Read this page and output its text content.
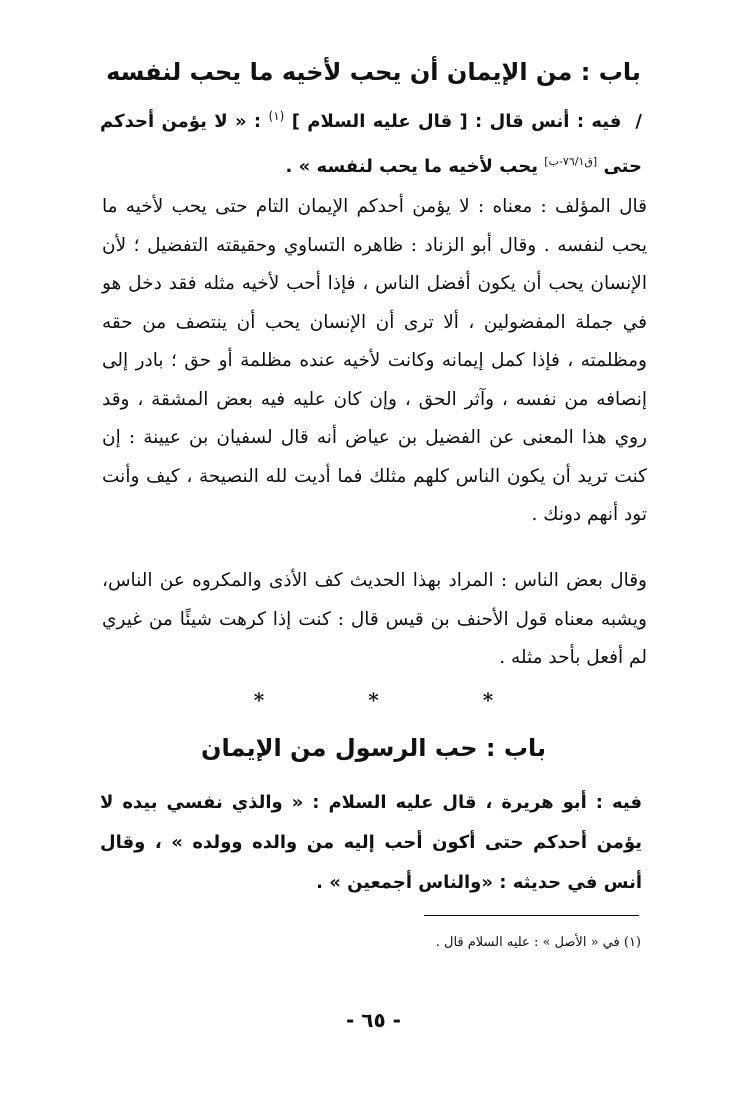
باب : من الإيمان أن يحب لأخيه ما يحب لنفسه
/فيه : أنس قال : [ قال عليه السلام ] $^{(١)}$ : « لا يؤمن أحدكم حتى [ق٧٦/١-ب] يحب لأخيه ما يحب لنفسه » .

قال المؤلف : معناه : لا يؤمن أحدكم الإيمان التام حتى يحب لأخيه ما يحب لنفسه . وقال أبو الزناد : ظاهره التساوي وحقيقته التفضيل ؛ لأن الإنسان يحب أن يكون أفضل الناس ، فإذا أحب لأخيه مثله فقد دخل هو في جملة المفضولين ، ألا ترى أن الإنسان يحب أن ينتصف من حقه ومظلمته ، فإذا كمل إيمانه وكانت لأخيه عنده مظلمة أو حق ؛ بادر إلى إنصافه من نفسه ، وآثر الحق ، وإن كان عليه فيه بعض المشقة ، وقد روي هذا المعنى عن الفضيل بن عياض أنه قال لسفيان بن عيينة : إن كنت تريد أن يكون الناس كلهم مثلك فما أديت لله النصيحة ، كيف وأنت تود أنهم دونك .

وقال بعض الناس : المراد بهذا الحديث كف الأذى والمكروه عن الناس، ويشبه معناه قول الأحنف بن قيس قال : كنت إذا كرهت شيئًا من غيري لم أفعل بأحد مثله .

*	*	*
باب : حب الرسول من الإيمان
فيه : أبو هريرة ، قال عليه السلام : « والذي نفسي بيده لا يؤمن أحدكم حتى أكون أحب إليه من والده وولده » ، وقال أنس في حديثه : «والناس أجمعين » .
(١) في « الأصل » : عليه السلام قال .
- ٦٥ -
